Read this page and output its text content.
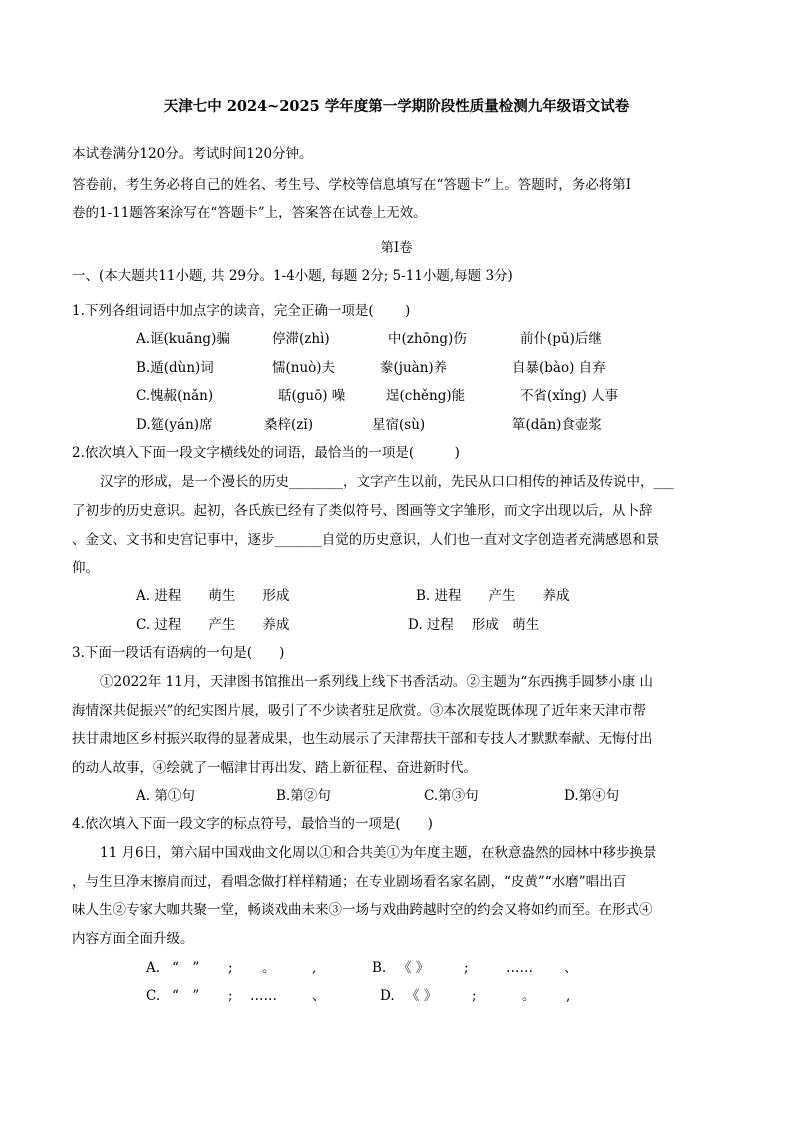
天津七中 2024~2025 学年度第一学期阶段性质量检测九年级语文试卷
本试卷满分120分。考试时间120分钟。
答卷前，考生务必将自己的姓名、考生号、学校等信息填写在“答题卡”上。答题时，务必将第Ⅰ
卷的1-11题答案涂写在“答题卡”上，答案答在试卷上无效。
第Ⅰ卷
一、(本大题共11小题, 共 29分。1-4小题, 每题 2分; 5-11小题,每题 3分)
1.下列各组词语中加点字的读音，完全正确一项是(　　 )
A.诓(kuāng)骗	停滞(zhì)	中(zhōng)伤	前仆(pū)后继
B.遁(dùn)词	懦(nuò)夫	豢(juàn)养	自暴(bào) 自弃
C.愧赧(nǎn)	聒(guō) 噪	逞(chěng)能	不省(xǐng) 人事
D.筵(yán)席	桑梓(zǐ)	星宿(sù)	箪(dān)食壶浆
2.依次填入下面一段文字横线处的词语，最恰当的一项是(　　　)
汉字的形成，是一个漫长的历史________，文字产生以前，先民从口口相传的神话及传说中，___
了初步的历史意识。起初，各氏族已经有了类似符号、图画等文字雏形，而文字出现以后，从卜辞
、金文、文书和史宫记事中，逐步_______自觉的历史意识，人们也一直对文字创造者充满感恩和景
仰。
A. 进程　　萌生　　形成	B. 进程　　产生　　养成
C. 过程　　产生　　养成	D. 过程　 形成　萌生
3.下面一段话有语病的一句是(　　)
①2022年 11月，天津图书馆推出一系列线上线下书香活动。②主题为“东西携手圆梦小康 山
海情深共促振兴”的纪实图片展，吸引了不少读者驻足欣赏。③本次展览既体现了近年来天津市帮
扶甘肃地区乡村振兴取得的显著成果，也生动展示了天津帮扶干部和专技人才默默奉献、无悔付出
的动人故事，④绘就了一幅津甘再出发、踏上新征程、奋进新时代。
A. 第①句	B.第②句	C.第③句	D.第④句
4.依次填入下面一段文字的标点符号，最恰当的一项是(　　)
11 月6日，第六届中国戏曲文化周以①和合共美①为年度主题，在秋意盎然的园林中移步换景
，与生旦净末擦肩而过，看唱念做打样样精通；在专业剧场看名家名剧，“皮黄”“水磨”唱出百
味人生②专家大咖共聚一堂，畅谈戏曲未来③一场与戏曲跨越时空的约会又将如约而至。在形式④
内容方面全面升级。
A. “　” ; 。	,	B. 《 》	;	…… 、
C. “　” ; ……	、	D. 《 》	;	。 ,
